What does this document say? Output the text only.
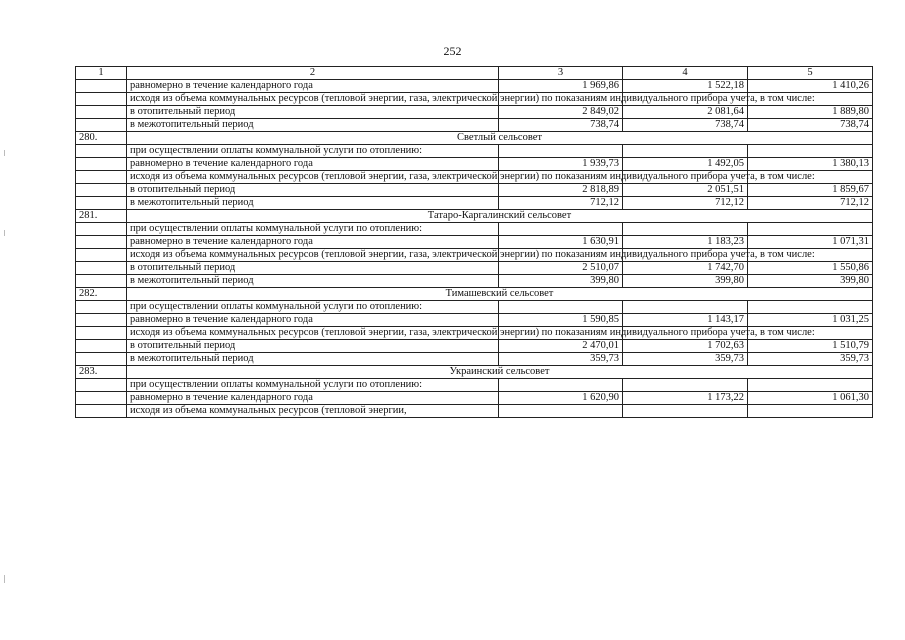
252
1	2	3	4	5
	равномерно в течение календарного года	1 969,86	1 522,18	1 410,26
	исходя из объема коммунальных ресурсов (тепловой энергии, газа, электрической энергии) по показаниям индивидуального прибора учета, в том числе:			
	в отопительный период	2 849,02	2 081,64	1 889,80
	в межотопительный период	738,74	738,74	738,74
280.	Светлый сельсовет			
	при осуществлении оплаты коммунальной услуги по отоплению:			
	равномерно в течение календарного года	1 939,73	1 492,05	1 380,13
	исходя из объема коммунальных ресурсов (тепловой энергии, газа, электрической энергии) по показаниям индивидуального прибора учета, в том числе:			
	в отопительный период	2 818,89	2 051,51	1 859,67
	в межотопительный период	712,12	712,12	712,12
281.	Татаро-Каргалинский сельсовет			
	при осуществлении оплаты коммунальной услуги по отоплению:			
	равномерно в течение календарного года	1 630,91	1 183,23	1 071,31
	исходя из объема коммунальных ресурсов (тепловой энергии, газа, электрической энергии) по показаниям индивидуального прибора учета, в том числе:			
	в отопительный период	2 510,07	1 742,70	1 550,86
	в межотопительный период	399,80	399,80	399,80
282.	Тимашевский сельсовет			
	при осуществлении оплаты коммунальной услуги по отоплению:			
	равномерно в течение календарного года	1 590,85	1 143,17	1 031,25
	исходя из объема коммунальных ресурсов (тепловой энергии, газа, электрической энергии) по показаниям индивидуального прибора учета, в том числе:			
	в отопительный период	2 470,01	1 702,63	1 510,79
	в межотопительный период	359,73	359,73	359,73
283.	Украинский сельсовет			
	при осуществлении оплаты коммунальной услуги по отоплению:			
	равномерно в течение календарного года	1 620,90	1 173,22	1 061,30
	исходя из объема коммунальных ресурсов (тепловой энергии,			
